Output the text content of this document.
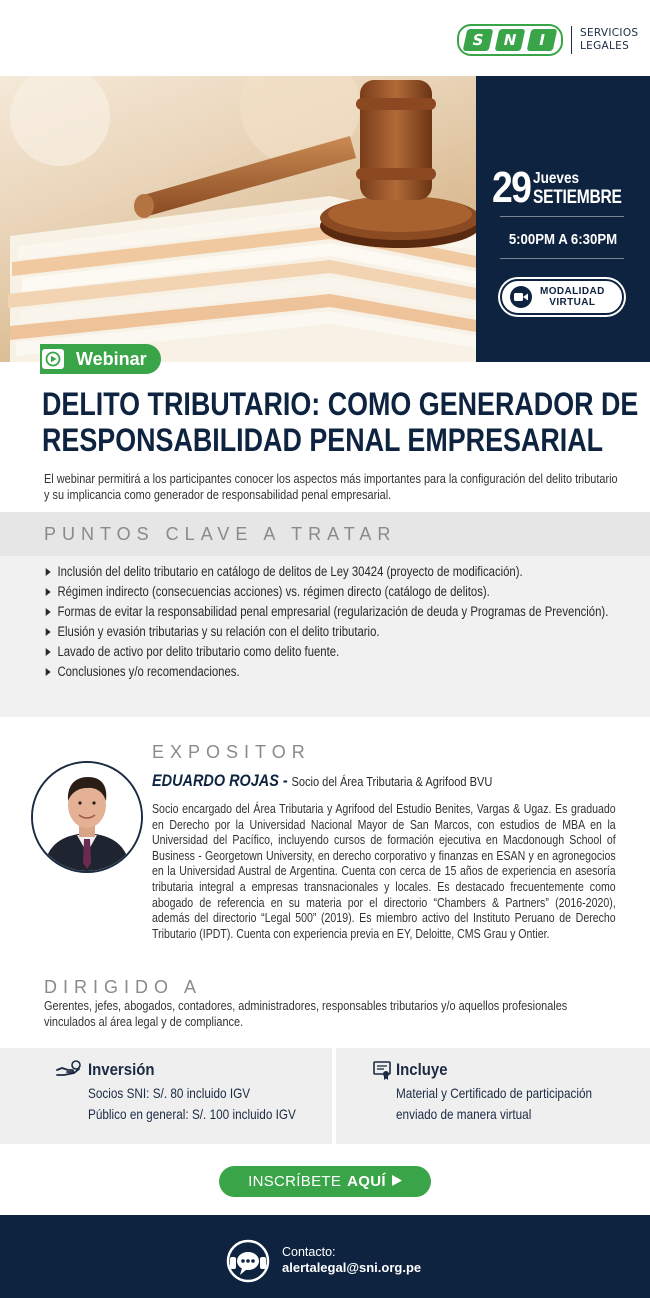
S	N	I	SERVICIOS
LEGALES
29 Jueves
SETIEMBRE
5:00PM A 6:30PM
MODALIDAD
VIRTUAL
Webinar
DELITO TRIBUTARIO: COMO GENERADOR DE
RESPONSABILIDAD PENAL EMPRESARIAL

El webinar permitirá a los participantes conocer los aspectos más importantes para la configuración del delito tributario y su implicancia como generador de responsabilidad penal empresarial.

PUNTOS CLAVE A TRATAR
Inclusión del delito tributario en catálogo de delitos de Ley 30424 (proyecto de modificación).
Régimen indirecto (consecuencias acciones) vs. régimen directo (catálogo de delitos).
Formas de evitar la responsabilidad penal empresarial (regularización de deuda y Programas de Prevención).
Elusión y evasión tributarias y su relación con el delito tributario.
Lavado de activo por delito tributario como delito fuente.
Conclusiones y/o recomendaciones.
EXPOSITOR
EDUARDO ROJAS - Socio del Área Tributaria & Agrifood BVU

Socio encargado del Área Tributaria y Agrifood del Estudio Benites, Vargas & Ugaz. Es graduado en Derecho por la Universidad Nacional Mayor de San Marcos, con estudios de MBA en la Universidad del Pacífico, incluyendo cursos de formación ejecutiva en Macdonough School of Business - Georgetown University, en derecho corporativo y finanzas en ESAN y en agronegocios en la Universidad Austral de Argentina. Cuenta con cerca de 15 años de experiencia en asesoría tributaria integral a empresas transnacionales y locales. Es destacado frecuentemente como abogado de referencia en su materia por el directorio “Chambers & Partners” (2016-2020), además del directorio “Legal 500” (2019). Es miembro activo del Instituto Peruano de Derecho Tributario (IPDT). Cuenta con experiencia previa en EY, Deloitte, CMS Grau y Ontier.

DIRIGIDO A

Gerentes, jefes, abogados, contadores, administradores, responsables tributarios y/o aquellos profesionales vinculados al área legal y de compliance.

Inversión
Socios SNI: S/. 80 incluido IGV
Público en general: S/. 100 incluido IGV
Incluye
Material y Certificado de participación
enviado de manera virtual
INSCRÍBETE AQUÍ
Contacto:
alertalegal@sni.org.pe
